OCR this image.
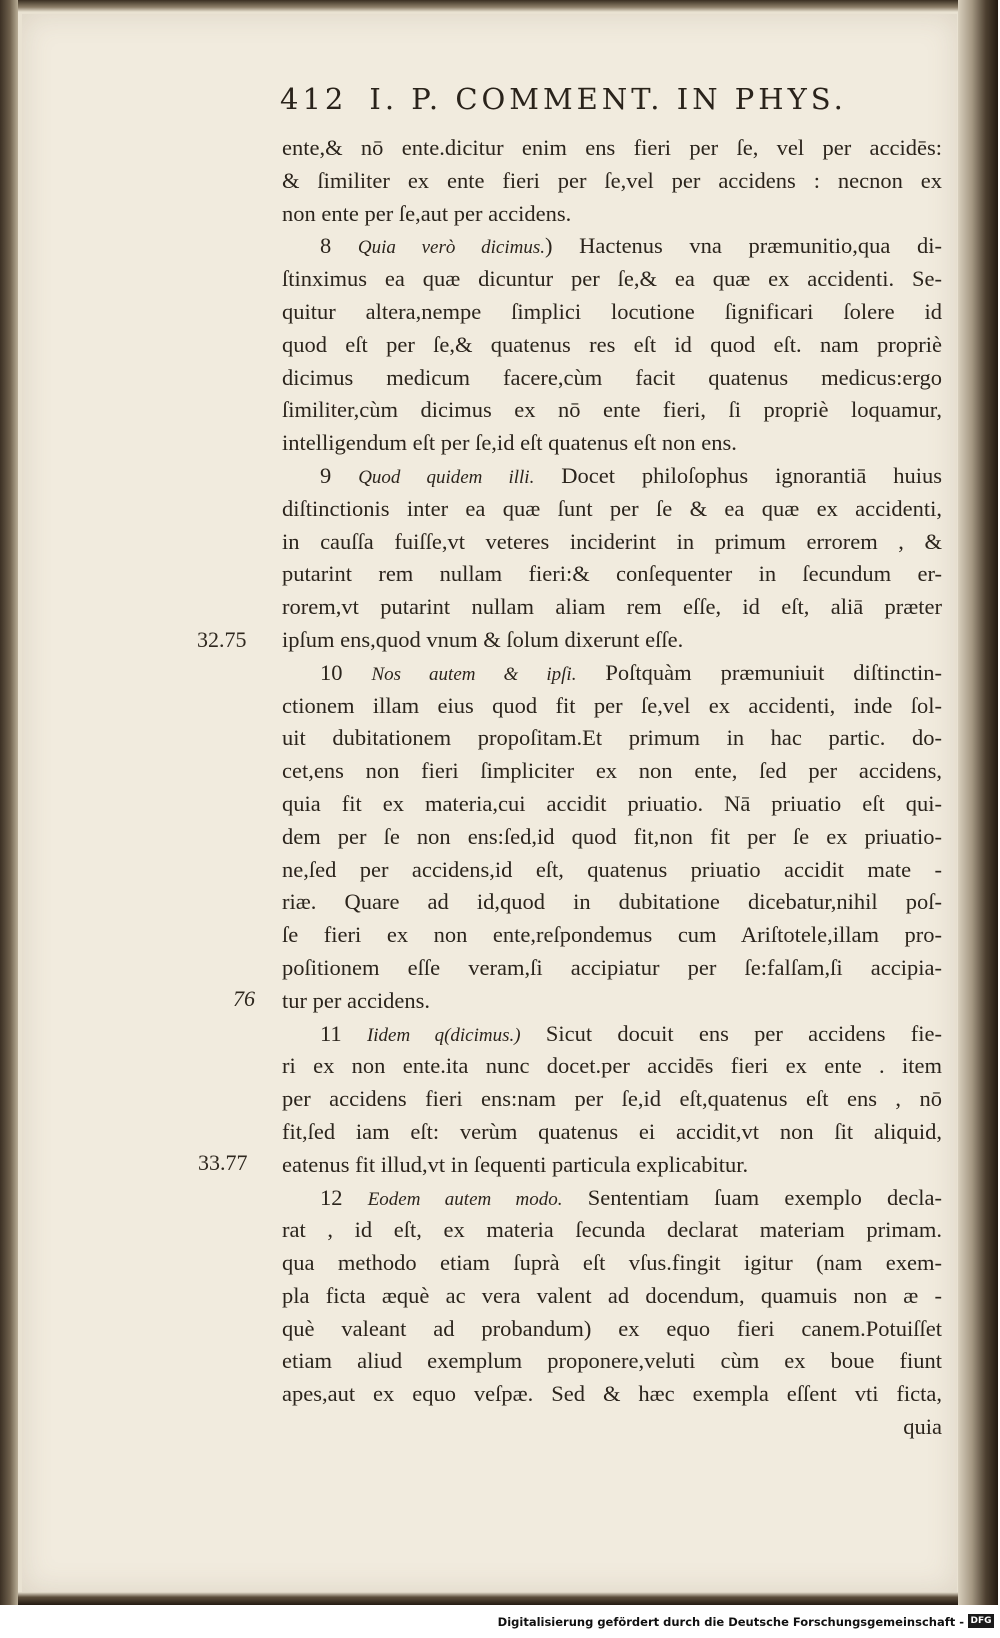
412 I. P. COMMENT. IN PHYS.
32.75
76
33.77
ente,& nō ente.dicitur enim ens fieri per ſe, vel per accidēs:
& ſimiliter ex ente fieri per ſe,vel per accidens : necnon ex
non ente per ſe,aut per accidens.
8 Quia verò dicimus.) Hactenus vna præmunitio,qua di-
ſtinximus ea quæ dicuntur per ſe,& ea quæ ex accidenti. Se-
quitur altera,nempe ſimplici locutione ſignificari ſolere id
quod eſt per ſe,& quatenus res eſt id quod eſt. nam propriè
dicimus medicum facere,cùm facit quatenus medicus:ergo
ſimiliter,cùm dicimus ex nō ente fieri, ſi propriè loquamur,
intelligendum eſt per ſe,id eſt quatenus eſt non ens.
9 Quod quidem illi. Docet philoſophus ignorantiā huius
diſtinctionis inter ea quæ ſunt per ſe & ea quæ ex accidenti,
in cauſſa fuiſſe,vt veteres inciderint in primum errorem , &
putarint rem nullam fieri:& conſequenter in ſecundum er-
rorem,vt putarint nullam aliam rem eſſe, id eſt, aliā præter
ipſum ens,quod vnum & ſolum dixerunt eſſe.
10 Nos autem & ipſi. Poſtquàm præmuniuit diſtinctin-
ctionem illam eius quod fit per ſe,vel ex accidenti, inde ſol-
uit dubitationem propoſitam.Et primum in hac partic. do-
cet,ens non fieri ſimpliciter ex non ente, ſed per accidens,
quia fit ex materia,cui accidit priuatio. Nā priuatio eſt qui-
dem per ſe non ens:ſed,id quod fit,non fit per ſe ex priuatio-
ne,ſed per accidens,id eſt, quatenus priuatio accidit mate -
riæ. Quare ad id,quod in dubitatione dicebatur,nihil poſ-
ſe fieri ex non ente,reſpondemus cum Ariſtotele,illam pro-
poſitionem eſſe veram,ſi accipiatur per ſe:falſam,ſi accipia-
tur per accidens.
11 Iidem q(dicimus.) Sicut docuit ens per accidens fie-
ri ex non ente.ita nunc docet.per accidēs fieri ex ente . item
per accidens fieri ens:nam per ſe,id eſt,quatenus eſt ens , nō
fit,ſed iam eſt: verùm quatenus ei accidit,vt non ſit aliquid,
eatenus fit illud,vt in ſequenti particula explicabitur.
12 Eodem autem modo. Sententiam ſuam exemplo decla-
rat , id eſt, ex materia ſecunda declarat materiam primam.
qua methodo etiam ſuprà eſt vſus.fingit igitur (nam exem-
pla ficta æquè ac vera valent ad docendum, quamuis non æ -
què valeant ad probandum) ex equo fieri canem.Potuiſſet
etiam aliud exemplum proponere,veluti cùm ex boue fiunt
apes,aut ex equo veſpæ. Sed & hæc exempla eſſent vti ficta,
quia
Digitalisierung gefördert durch die Deutsche Forschungsgemeinschaft - DFG
